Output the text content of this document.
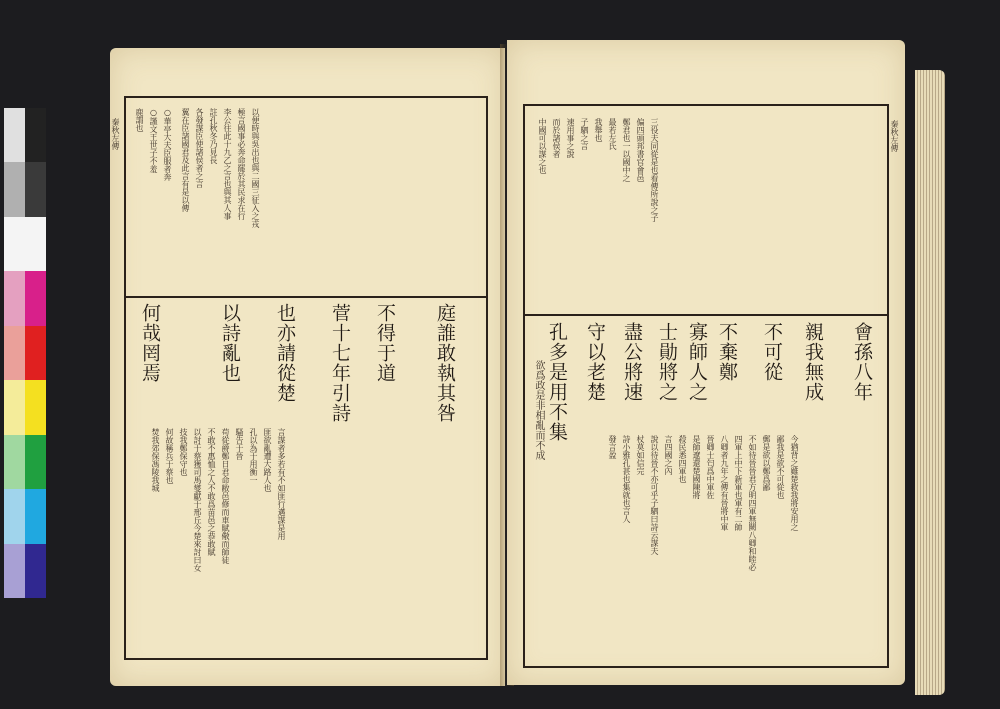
秦秋左傳	以便時與吳出也與二國三征入之戎
極言國事必奔命罷於其民求在行
李公往此十九乙之言也與其人事
註孔秋冬乃見長
各發謀臣使諸侯者之言
翼在臣諸國君及此言有是以傳
○華亭大夫臣服者奔
○謹文王世子不羞
鹿謂也
庭誰敢執其咎
不得于道
菅十七年引詩
也亦請從楚
以詩亂也
何哉罔焉
言謀者多若有不如匪行邁謀是用
匪欲亂遭大路人也
孔以為于用衡一
騷告于晉
苟從爵鄭日君命敝邑修而車賦儆而師徒
不敢不惠恤之人不敢爲苗邑之恭敢賦
以討于蔡獲司馬燮獻于邢丘今楚來討曰女
技我鄭保守也
何故稱兵于蔡也
焚我郊保馮陵我城
秦秋左傳
三役夫同從是也看傳所說之子
偏四頭邦書官會邑
鄭君也一以國中之
最若左氏
我舉也
子駟之言
速用事之說
而於諸侯者
中國可以謀之也
會孫八年
親我無成
不可從
不棄鄭
寡師人之
士勛將之
盡公將速
守以老楚
孔多是用不集
欲爲政是非相亂而不成
今猶背之雖楚救我將安用之
鄙我是欲不可從也
郵是欲以鄭爲鄙
不如待晉晉君方明四軍無闕八卿和睦必
四軍上中下新軍也軍有二帥
八卿者九年之傳有晉將中軍
晉卿士匄爲中軍佐
是師遼還楚國陳將
殺民悉四軍也
言四國之內
說以待晉不亦可乎子駟曰詩云謀夫
杖莫如信完
詩小雅孔甚也集就也言人
發言盈
